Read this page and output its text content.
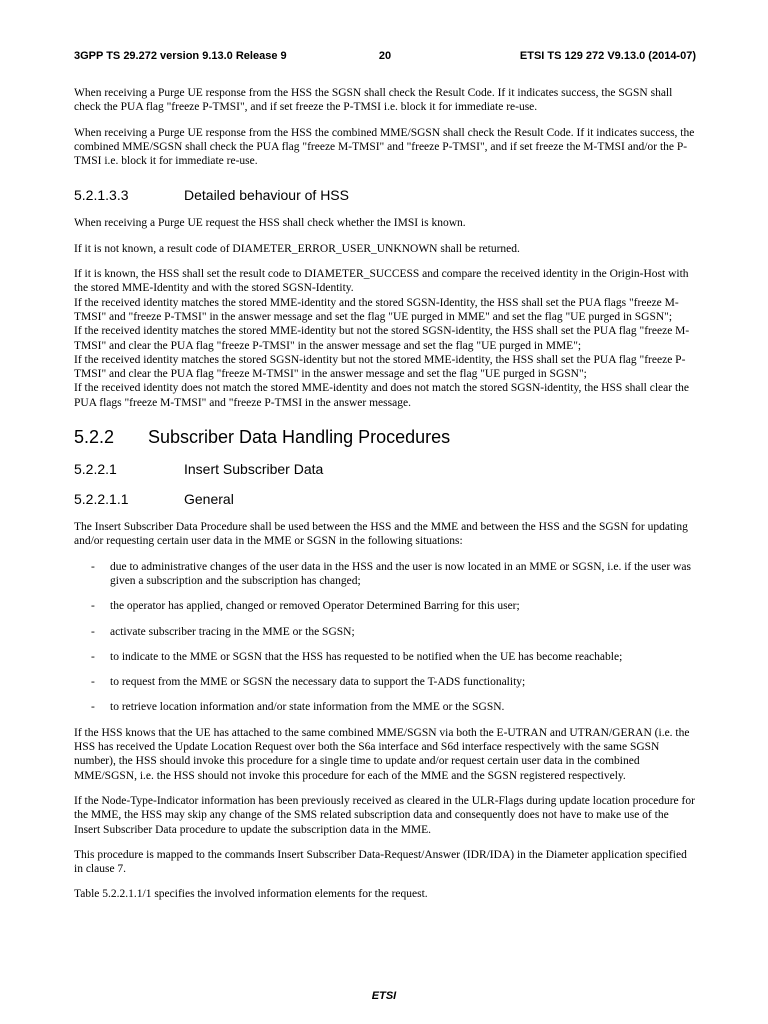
3GPP TS 29.272 version 9.13.0 Release 9	20	ETSI TS 129 272 V9.13.0 (2014-07)

When receiving a Purge UE response from the HSS the SGSN shall check the Result Code. If it indicates success, the SGSN shall check the PUA flag "freeze P-TMSI", and if set freeze the P-TMSI i.e. block it for immediate re-use.

When receiving a Purge UE response from the HSS the combined MME/SGSN shall check the Result Code. If it indicates success, the combined MME/SGSN shall check the PUA flag "freeze M-TMSI" and "freeze P-TMSI", and if set freeze the M-TMSI and/or the P-TMSI i.e. block it for immediate re-use.

5.2.1.3.3	Detailed behaviour of HSS

When receiving a Purge UE request the HSS shall check whether the IMSI is known.

If it is not known, a result code of DIAMETER_ERROR_USER_UNKNOWN shall be returned.

If it is known, the HSS shall set the result code to DIAMETER_SUCCESS and compare the received identity in the Origin-Host with the stored MME-Identity and with the stored SGSN-Identity.

If the received identity matches the stored MME-identity and the stored SGSN-Identity, the HSS shall set the PUA flags "freeze M-TMSI" and "freeze P-TMSI" in the answer message and set the flag "UE purged in MME" and set the flag "UE purged in SGSN";

If the received identity matches the stored MME-identity but not the stored SGSN-identity, the HSS shall set the PUA flag "freeze M-TMSI" and clear the PUA flag "freeze P-TMSI" in the answer message and set the flag "UE purged in MME";

If the received identity matches the stored SGSN-identity but not the stored MME-identity, the HSS shall set the PUA flag "freeze P-TMSI" and clear the PUA flag "freeze M-TMSI" in the answer message and set the flag "UE purged in SGSN";

If the received identity does not match the stored MME-identity and does not match the stored SGSN-identity, the HSS shall clear the PUA flags "freeze M-TMSI" and "freeze P-TMSI in the answer message.

5.2.2 Subscriber Data Handling Procedures
5.2.2.1	Insert Subscriber Data
5.2.2.1.1	General

The Insert Subscriber Data Procedure shall be used between the HSS and the MME and between the HSS and the SGSN for updating and/or requesting certain user data in the MME or SGSN in the following situations:

- due to administrative changes of the user data in the HSS and the user is now located in an MME or SGSN, i.e. if the user was given a subscription and the subscription has changed;
- the operator has applied, changed or removed Operator Determined Barring for this user;
- activate subscriber tracing in the MME or the SGSN;
- to indicate to the MME or SGSN that the HSS has requested to be notified when the UE has become reachable;
- to request from the MME or SGSN the necessary data to support the T-ADS functionality;
- to retrieve location information and/or state information from the MME or the SGSN.

If the HSS knows that the UE has attached to the same combined MME/SGSN via both the E-UTRAN and UTRAN/GERAN (i.e. the HSS has received the Update Location Request over both the S6a interface and S6d interface respectively with the same SGSN number), the HSS should invoke this procedure for a single time to update and/or request certain user data in the combined MME/SGSN, i.e. the HSS should not invoke this procedure for each of the MME and the SGSN registered respectively.

If the Node-Type-Indicator information has been previously received as cleared in the ULR-Flags during update location procedure for the MME, the HSS may skip any change of the SMS related subscription data and consequently does not have to make use of the Insert Subscriber Data procedure to update the subscription data in the MME.

This procedure is mapped to the commands Insert Subscriber Data-Request/Answer (IDR/IDA) in the Diameter application specified in clause 7.

Table 5.2.2.1.1/1 specifies the involved information elements for the request.

ETSI
